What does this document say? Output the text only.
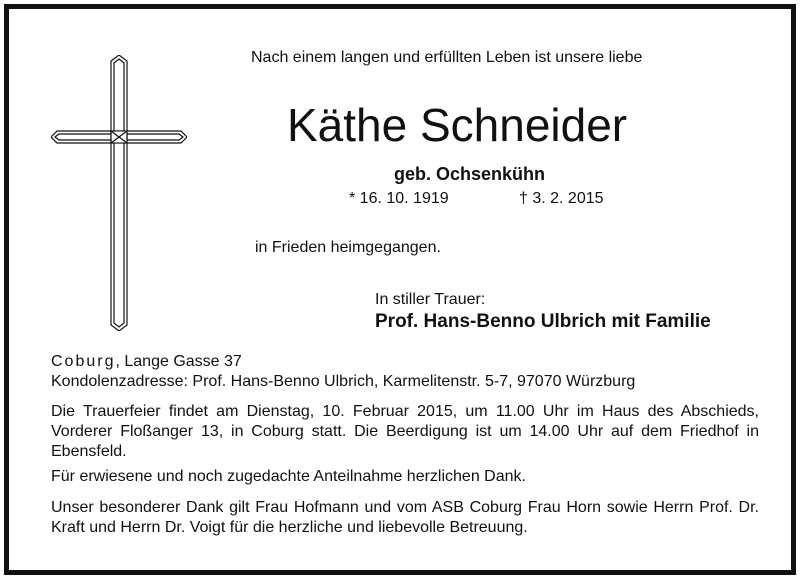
Nach einem langen und erfüllten Leben ist unsere liebe
Käthe Schneider
geb. Ochsenkühn
* 16. 10. 1919	† 3. 2. 2015
in Frieden heimgegangen.
In stiller Trauer:
Prof. Hans-Benno Ulbrich mit Familie
Coburg, Lange Gasse 37
Kondolenzadresse: Prof. Hans-Benno Ulbrich, Karmelitenstr. 5-7, 97070 Würzburg
Die Trauerfeier findet am Dienstag, 10. Februar 2015, um 11.00 Uhr im Haus des Abschieds, Vorderer Floßanger 13, in Coburg statt. Die Beerdigung ist um 14.00 Uhr auf dem Friedhof in Ebensfeld.
Für erwiesene und noch zugedachte Anteilnahme herzlichen Dank.
Unser besonderer Dank gilt Frau Hofmann und vom ASB Coburg Frau Horn sowie Herrn Prof. Dr. Kraft und Herrn Dr. Voigt für die herzliche und liebevolle Betreuung.
